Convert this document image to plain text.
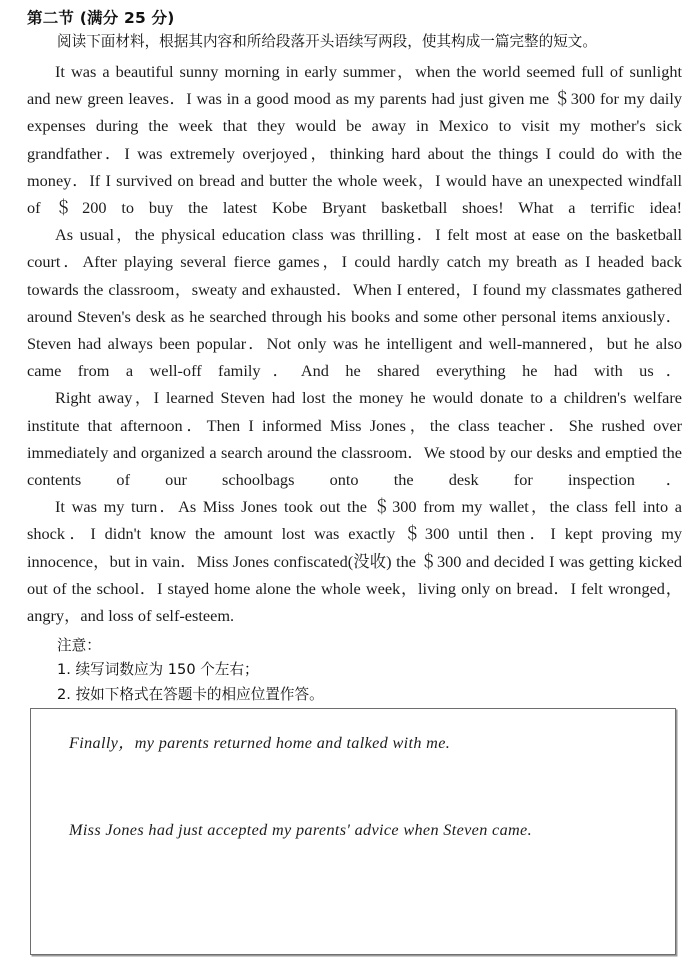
第二节 (满分 25 分)
阅读下面材料，根据其内容和所给段落开头语续写两段，使其构成一篇完整的短文。

It was a beautiful sunny morning in early summer，when the world seemed full of sunlight and new green leaves．I was in a good mood as my parents had just given me ＄300 for my daily expenses during the week that they would be away in Mexico to visit my mother's sick grandfather．I was extremely overjoyed，thinking hard about the things I could do with the money．If I survived on bread and butter the whole week，I would have an unexpected windfall of ＄200 to buy the latest Kobe Bryant basketball shoes! What a terrific idea!

As usual，the physical education class was thrilling．I felt most at ease on the basketball court．After playing several fierce games，I could hardly catch my breath as I headed back towards the classroom，sweaty and exhausted．When I entered，I found my classmates gathered around Steven's desk as he searched through his books and some other personal items anxiously．Steven had always been popular．Not only was he intelligent and well-mannered，but he also came from a well-off family．And he shared everything he had with us．

Right away，I learned Steven had lost the money he would donate to a children's welfare institute that afternoon．Then I informed Miss Jones，the class teacher．She rushed over immediately and organized a search around the classroom．We stood by our desks and emptied the contents of our schoolbags onto the desk for inspection．

It was my turn．As Miss Jones took out the ＄300 from my wallet，the class fell into a shock．I didn't know the amount lost was exactly ＄300 until then．I kept proving my innocence，but in vain．Miss Jones confiscated(没收) the ＄300 and decided I was getting kicked out of the school．I stayed home alone the whole week，living only on bread．I felt wronged，angry，and loss of self-esteem.

注意：
1. 续写词数应为 150 个左右；
2. 按如下格式在答题卡的相应位置作答。
Finally，my parents returned home and talked with me.
Miss Jones had just accepted my parents' advice when Steven came.
